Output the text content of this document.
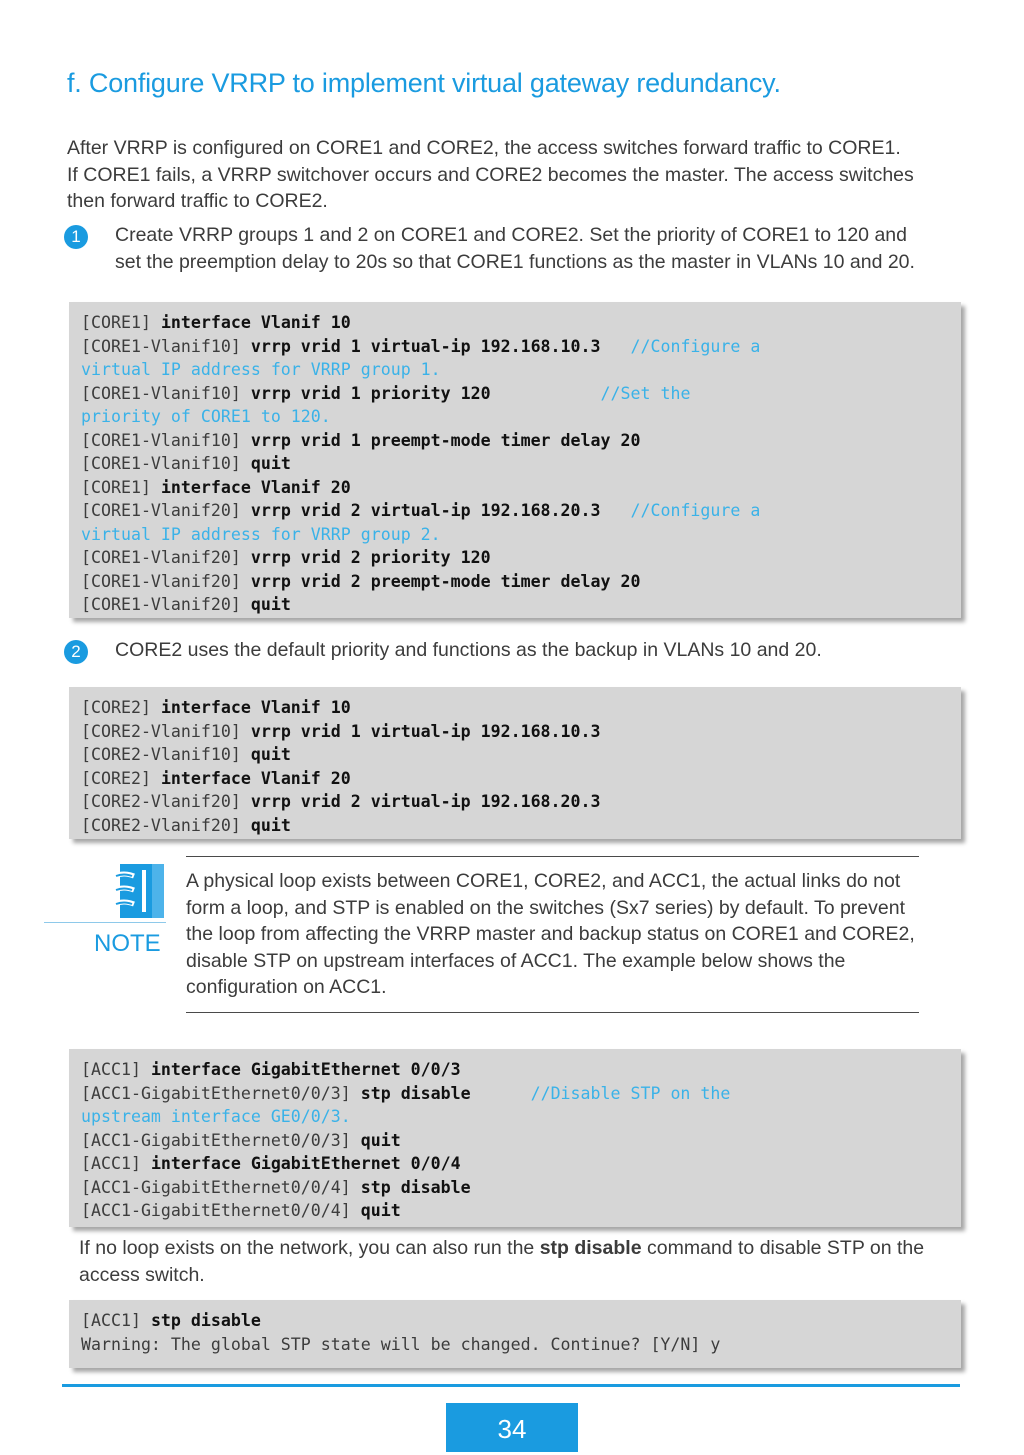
f. Configure VRRP to implement virtual gateway redundancy.
After VRRP is configured on CORE1 and CORE2, the access switches forward traffic to CORE1. If CORE1 fails, a VRRP switchover occurs and CORE2 becomes the master. The access switches then forward traffic to CORE2.
1	Create VRRP groups 1 and 2 on CORE1 and CORE2. Set the priority of CORE1 to 120 and set the preemption delay to 20s so that CORE1 functions as the master in VLANs 10 and 20.
[CORE1] interface Vlanif 10
[CORE1-Vlanif10] vrrp vrid 1 virtual-ip 192.168.10.3   //Configure a
virtual IP address for VRRP group 1.
[CORE1-Vlanif10] vrrp vrid 1 priority 120	//Set the
priority of CORE1 to 120.
[CORE1-Vlanif10] vrrp vrid 1 preempt-mode timer delay 20
[CORE1-Vlanif10] quit
[CORE1] interface Vlanif 20
[CORE1-Vlanif20] vrrp vrid 2 virtual-ip 192.168.20.3   //Configure a
virtual IP address for VRRP group 2.
[CORE1-Vlanif20] vrrp vrid 2 priority 120
[CORE1-Vlanif20] vrrp vrid 2 preempt-mode timer delay 20
[CORE1-Vlanif20] quit
2	CORE2 uses the default priority and functions as the backup in VLANs 10 and 20.
[CORE2] interface Vlanif 10
[CORE2-Vlanif10] vrrp vrid 1 virtual-ip 192.168.10.3
[CORE2-Vlanif10] quit
[CORE2] interface Vlanif 20
[CORE2-Vlanif20] vrrp vrid 2 virtual-ip 192.168.20.3
[CORE2-Vlanif20] quit
NOTE
A physical loop exists between CORE1, CORE2, and ACC1, the actual links do not form a loop, and STP is enabled on the switches (Sx7 series) by default. To prevent the loop from affecting the VRRP master and backup status on CORE1 and CORE2, disable STP on upstream interfaces of ACC1. The example below shows the configuration on ACC1.
[ACC1] interface GigabitEthernet 0/0/3
[ACC1-GigabitEthernet0/0/3] stp disable	//Disable STP on the
upstream interface GE0/0/3.
[ACC1-GigabitEthernet0/0/3] quit
[ACC1] interface GigabitEthernet 0/0/4
[ACC1-GigabitEthernet0/0/4] stp disable
[ACC1-GigabitEthernet0/0/4] quit
If no loop exists on the network, you can also run the stp disable command to disable STP on the access switch.
[ACC1] stp disable
Warning: The global STP state will be changed. Continue? [Y/N] y
34
